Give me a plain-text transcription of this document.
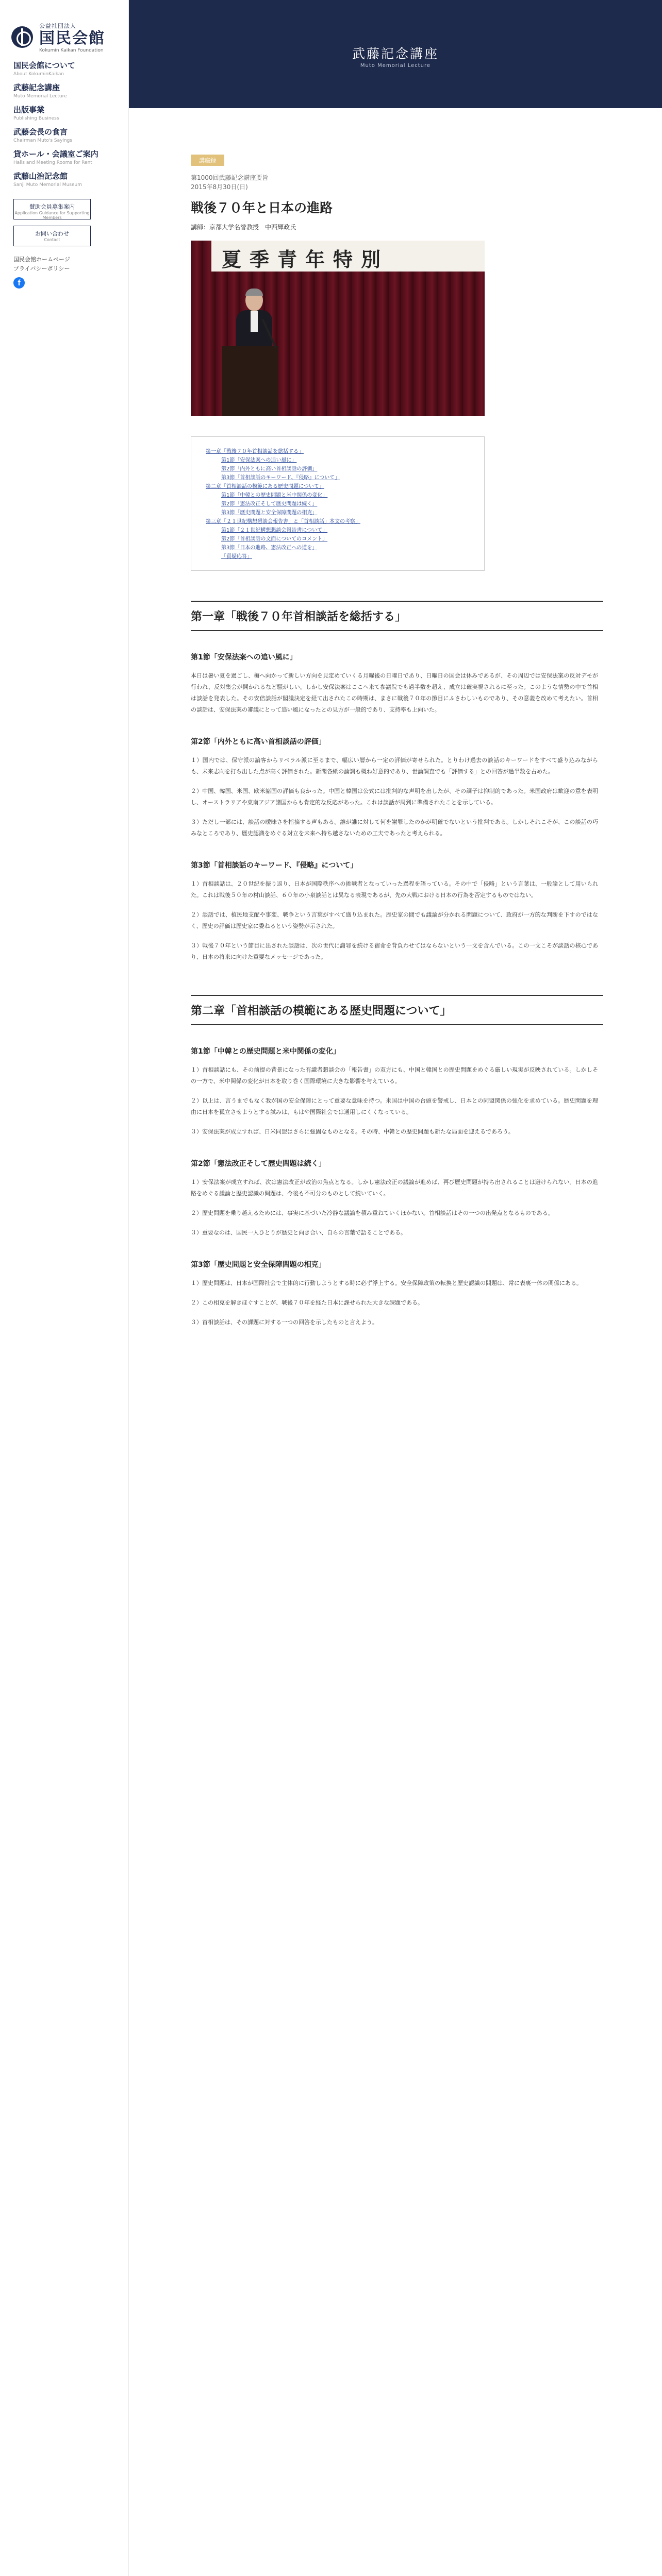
公益社団法人
国民会館
Kokumin Kaikan Foundation
国民会館について
About KokuminKaikan
武藤記念講座
Muto Memorial Lecture
出版事業
Publishing Business
武藤会長の食言
Chairman Muto's Sayings
貸ホール・会議室ご案内
Halls and Meeting Rooms for Rent
武藤山治記念館
Sanji Muto Memorial Museum
賛助会員募集案内
Application Guidance for Supporting Members
お問い合わせ
Contact
国民会館ホームページ
プライバシーポリシー
f
武藤記念講座
Muto Memorial Lecture
講座録
第1000回武藤記念講座要旨
2015年8月30日(日)
戦後７０年と日本の進路
講師：京都大学名誉教授　中西輝政氏
夏季青年特別
第一章「戦後７０年首相談話を総括する」
第1節「安保法案への追い風に」
第2節「内外ともに高い首相談話の評価」
第3節「首相談話のキーワード、『侵略』について」
第二章「首相談話の模範にある歴史問題について」
第1節「中韓との歴史問題と米中関係の変化」
第2節「憲法改正そして歴史問題は続く」
第3節「歴史問題と安全保障問題の相克」
第三章「２１世紀構想懇談会報告書」と「首相談話」本文の考察」
第1節「２１世紀構想懇談会報告書について」
第2節「首相談話の文面についてのコメント」
第3節「日本の進路、憲法改正への道を」
「質疑応答」
第一章「戦後７０年首相談話を総括する」
第1節「安保法案への追い風に」

本日は暑い夏を過ごし、梅へ向かって新しい方向を見定めていくる月曜後の日曜日であり、日曜日の国会は休みであるが、その周辺では安保法案の反対デモが行われ、反対集会が開かれるなど騒がしい。しかし安保法案はここへ来て参議院でも過半数を超え、成立は確実視されるに至った。このような情勢の中で首相は談話を発表した。その安倍談話が閣議決定を経て出されたこの時期は、まさに戦後７０年の節目にふさわしいものであり、その意義を改めて考えたい。首相の談話は、安保法案の審議にとって追い風になったとの見方が一般的であり、支持率も上向いた。

第2節「内外ともに高い首相談話の評価」

１）国内では、保守派の論客からリベラル派に至るまで、幅広い層から一定の評価が寄せられた。とりわけ過去の談話のキーワードをすべて盛り込みながらも、未来志向を打ち出した点が高く評価された。新聞各紙の論調も概ね好意的であり、世論調査でも「評価する」との回答が過半数を占めた。

２）中国、韓国、米国、欧米諸国の評価も良かった。中国と韓国は公式には批判的な声明を出したが、その調子は抑制的であった。米国政府は歓迎の意を表明し、オーストラリアや東南アジア諸国からも肯定的な反応があった。これは談話が周到に準備されたことを示している。

３）ただし一部には、談話の曖昧さを指摘する声もある。誰が誰に対して何を謝罪したのかが明確でないという批判である。しかしそれこそが、この談話の巧みなところであり、歴史認識をめぐる対立を未来へ持ち越さないための工夫であったと考えられる。

第3節「首相談話のキーワード、『侵略』について」

１）首相談話は、２０世紀を振り返り、日本が国際秩序への挑戦者となっていった過程を語っている。その中で「侵略」という言葉は、一般論として用いられた。これは戦後５０年の村山談話、６０年の小泉談話とは異なる表現であるが、先の大戦における日本の行為を否定するものではない。

２）談話では、植民地支配や事変、戦争という言葉がすべて盛り込まれた。歴史家の間でも議論が分かれる問題について、政府が一方的な判断を下すのではなく、歴史の評価は歴史家に委ねるという姿勢が示された。

３）戦後７０年という節目に出された談話は、次の世代に謝罪を続ける宿命を背負わせてはならないという一文を含んでいる。この一文こそが談話の核心であり、日本の将来に向けた重要なメッセージであった。

第二章「首相談話の模範にある歴史問題について」
第1節「中韓との歴史問題と米中関係の変化」

１）首相談話にも、その前提の背景になった有識者懇談会の「報告書」の双方にも、中国と韓国との歴史問題をめぐる厳しい現実が反映されている。しかしその一方で、米中関係の変化が日本を取り巻く国際環境に大きな影響を与えている。

２）以上は、言うまでもなく我が国の安全保障にとって重要な意味を持つ。米国は中国の台頭を警戒し、日本との同盟関係の強化を求めている。歴史問題を理由に日本を孤立させようとする試みは、もはや国際社会では通用しにくくなっている。

３）安保法案が成立すれば、日米同盟はさらに強固なものとなる。その時、中韓との歴史問題も新たな局面を迎えるであろう。

第2節「憲法改正そして歴史問題は続く」

１）安保法案が成立すれば、次は憲法改正が政治の焦点となる。しかし憲法改正の議論が進めば、再び歴史問題が持ち出されることは避けられない。日本の進路をめぐる議論と歴史認識の問題は、今後も不可分のものとして続いていく。

２）歴史問題を乗り越えるためには、事実に基づいた冷静な議論を積み重ねていくほかない。首相談話はその一つの出発点となるものである。

３）重要なのは、国民一人ひとりが歴史と向き合い、自らの言葉で語ることである。

第3節「歴史問題と安全保障問題の相克」

１）歴史問題は、日本が国際社会で主体的に行動しようとする時に必ず浮上する。安全保障政策の転換と歴史認識の問題は、常に表裏一体の関係にある。

２）この相克を解きほぐすことが、戦後７０年を経た日本に課せられた大きな課題である。

３）首相談話は、その課題に対する一つの回答を示したものと言えよう。
